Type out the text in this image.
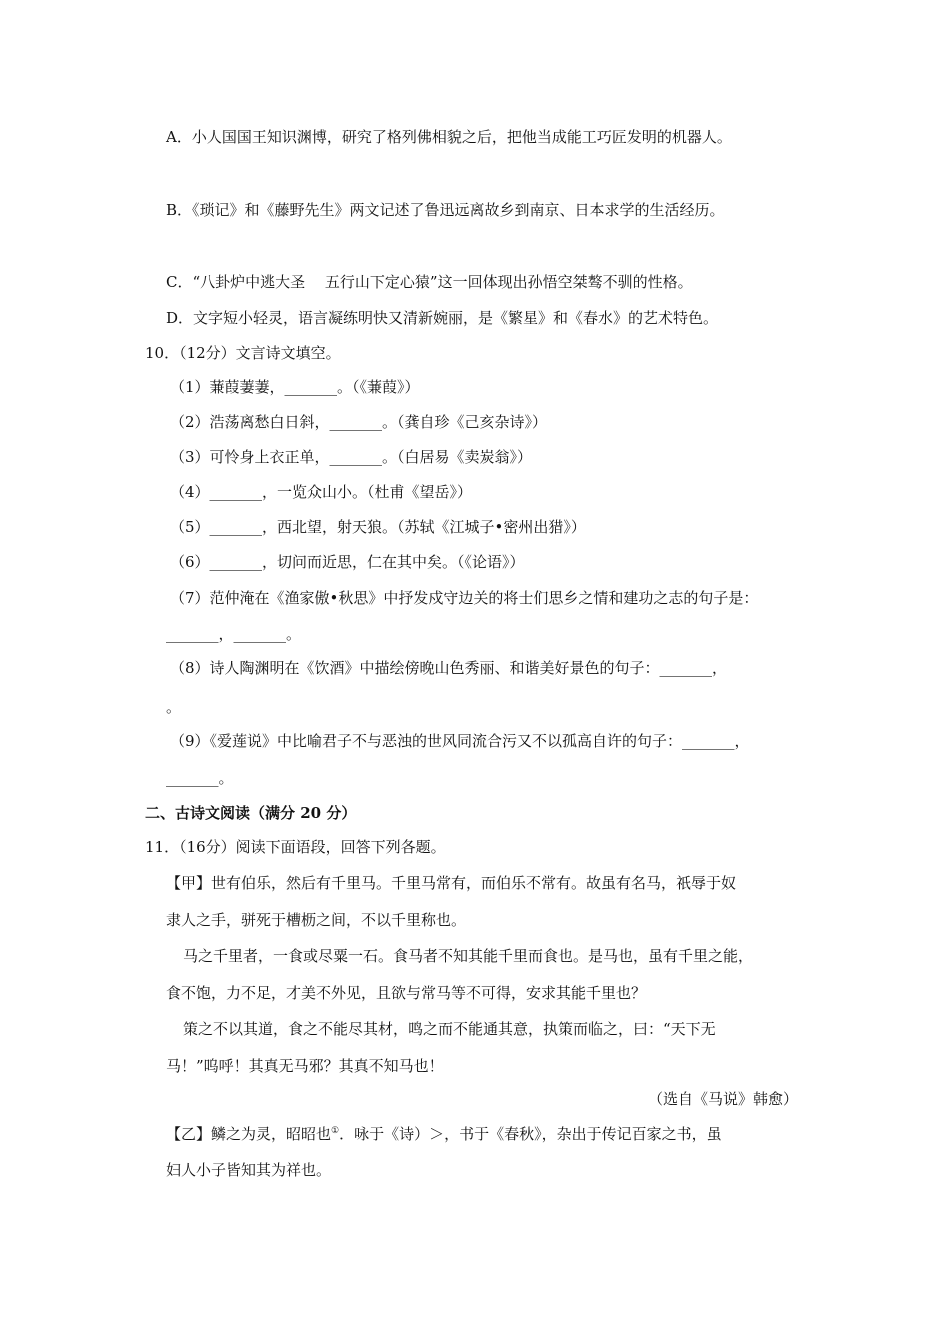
A．小人国国王知识渊博，研究了格列佛相貌之后，把他当成能工巧匠发明的机器人。
B．《琐记》和《藤野先生》两文记述了鲁迅远离故乡到南京、日本求学的生活经历。
C．“八卦炉中逃大圣　 五行山下定心猿”这一回体现出孙悟空桀骜不驯的性格。
D．文字短小轻灵，语言凝练明快又清新婉丽，是《繁星》和《春水》的艺术特色。
10．（12分）文言诗文填空。
（1）蒹葭萋萋，_______。（《蒹葭》）
（2）浩荡离愁白日斜，_______。（龚自珍《己亥杂诗》）
（3）可怜身上衣正单，_______。（白居易《卖炭翁》）
（4）_______，一览众山小。（杜甫《望岳》）
（5）_______，西北望，射天狼。（苏轼《江城子•密州出猎》）
（6）_______，切问而近思，仁在其中矣。（《论语》）
（7）范仲淹在《渔家傲•秋思》中抒发戍守边关的将士们思乡之情和建功之志的句子是：
_______，_______。
（8）诗人陶渊明在《饮酒》中描绘傍晚山色秀丽、和谐美好景色的句子：_______，
。
（9）《爱莲说》中比喻君子不与恶浊的世风同流合污又不以孤高自许的句子：_______，
_______。
二、古诗文阅读（满分 20 分）
11．（16分）阅读下面语段，回答下列各题。
【甲】世有伯乐，然后有千里马。千里马常有，而伯乐不常有。故虽有名马，祇辱于奴
隶人之手，骈死于槽枥之间，不以千里称也。
马之千里者，一食或尽粟一石。食马者不知其能千里而食也。是马也，虽有千里之能，
食不饱，力不足，才美不外见，且欲与常马等不可得，安求其能千里也？
策之不以其道，食之不能尽其材，鸣之而不能通其意，执策而临之，曰：“天下无
马！”呜呼！其真无马邪？其真不知马也！
（选自《马说》韩愈）
【乙】鳞之为灵，昭昭也①．咏于《诗）＞，书于《春秋》，杂出于传记百家之书，虽
妇人小子皆知其为祥也。
